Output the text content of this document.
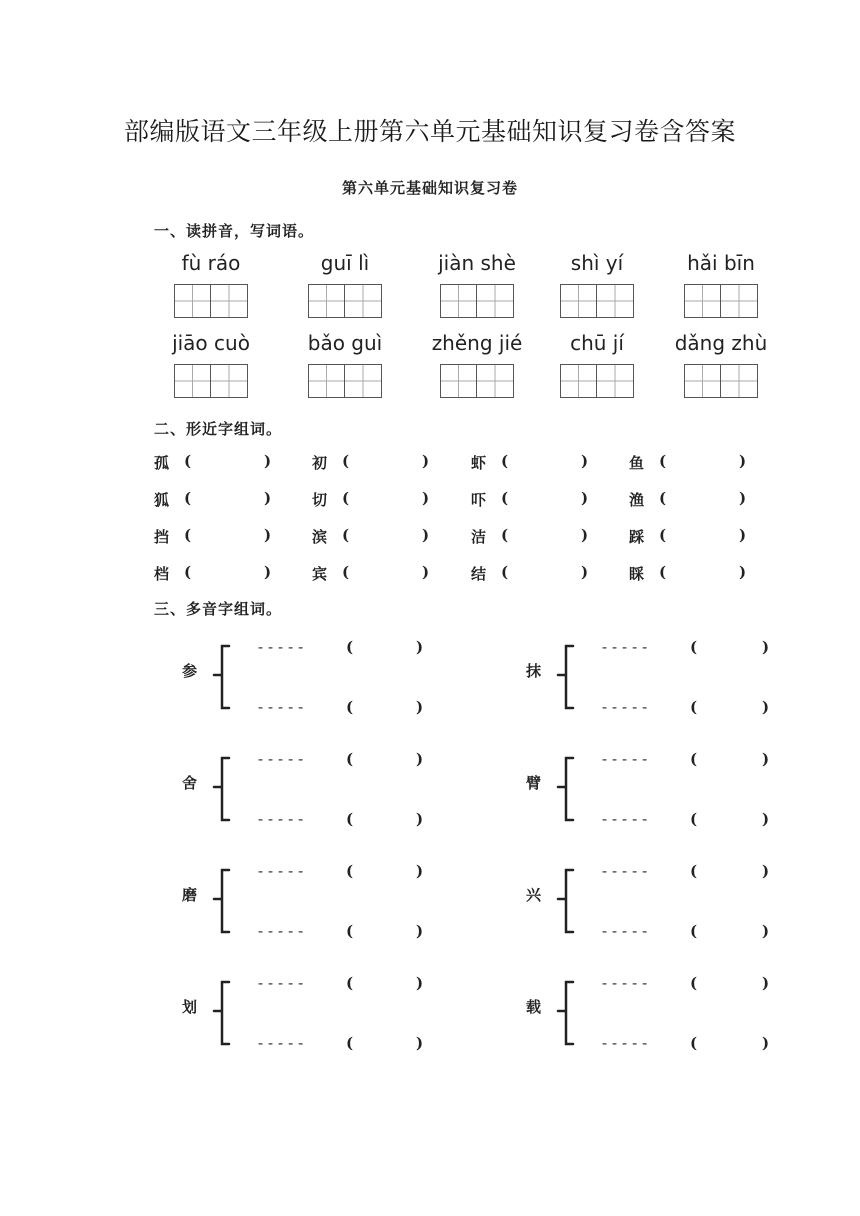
部编版语文三年级上册第六单元基础知识复习卷含答案
第六单元基础知识复习卷
一、读拼音，写词语。
fù ráo	guī lì	jiàn shè	shì yí	hǎi bīn
jiāo cuò	bǎo guì	zhěng jié	chū jí	dǎng zhù
二、形近字组词。
孤 (	)	初 (	)	虾 (	)	鱼 (	)
狐 (	)	切 (	)	吓 (	)	渔 (	)
挡 (	)	滨 (	)	洁 (	)	踩 (	)
档 (	)	宾 (	)	结 (	)	睬 (	)
三、多音字组词。
参
-----	(	)
-----	(	)
舍
-----	(	)
-----	(	)
磨
-----	(	)
-----	(	)
划
-----	(	)
-----	(	)
抹
-----	(	)
-----	(	)
臂
-----	(	)
-----	(	)
兴
-----	(	)
-----	(	)
载
-----	(	)
-----	(	)
